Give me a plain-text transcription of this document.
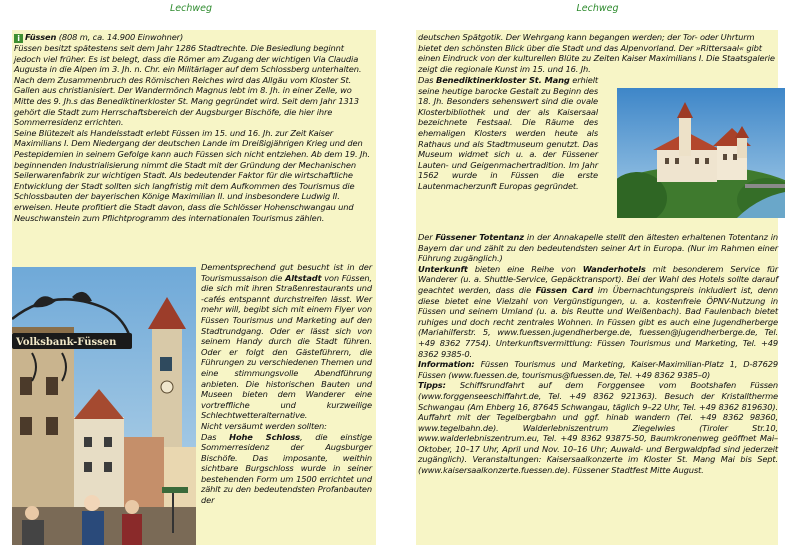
Lechweg

i Füssen (808 m, ca. 14.900 Einwohner)
Füssen besitzt spätestens seit dem Jahr 1286 Stadtrechte. Die Besiedlung beginnt jedoch viel früher. Es ist belegt, dass die Römer am Zugang der wichtigen Via Claudia Augusta in die Alpen im 3. Jh. n. Chr. ein Militärlager auf dem Schlossberg unterhalten. Nach dem Zusammenbruch des Römischen Reiches wird das Allgäu vom Kloster St. Gallen aus christianisiert. Der Wandermönch Magnus lebt im 8. Jh. in einer Zelle, wo Mitte des 9. Jh.s das Benediktinerkloster St. Mang gegründet wird. Seit dem Jahr 1313 gehört die Stadt zum Herrschaftsbereich der Augsburger Bischöfe, die hier ihre Sommerresidenz errichten.

Seine Blütezeit als Handelsstadt erlebt Füssen im 15. und 16. Jh. zur Zeit Kaiser Maximilians I. Dem Niedergang der deutschen Lande im Dreißigjährigen Krieg und den Pestepidemien in seinem Gefolge kann auch Füssen sich nicht entziehen. Ab dem 19. Jh. beginnenden Industrialisierung nimmt die Stadt mit der Gründung der Mechanischen Seilerwarenfabrik zur wichtigen Stadt. Als bedeutender Faktor für die wirtschaftliche Entwicklung der Stadt sollten sich langfristig mit dem Aufkommen des Tourismus die Schlossbauten der bayerischen Könige Maximilian II. und insbesondere Ludwig II. erweisen. Heute profitiert die Stadt davon, dass die Schlösser Hohenschwangau und Neuschwanstein zum Pflichtprogramm des internationalen Tourismus zählen.

Volksbank-Füssen

Dementsprechend gut besucht ist in der Tourismussaison die Altstadt von Füssen, die sich mit ihren Straßenrestaurants und -cafés entspannt durchstreifen lässt. Wer mehr will, begibt sich mit einem Flyer von Füssen Tourismus und Marketing auf den Stadtrundgang. Oder er lässt sich von seinem Handy durch die Stadt führen. Oder er folgt den Gästeführern, die Führungen zu verschiedenen Themen und eine stimmungsvolle Abendführung anbieten. Die historischen Bauten und Museen bieten dem Wanderer eine vortreffliche und kurzweilige Schlechtwetteralternative.

Nicht versäumt werden sollten:

Das Hohe Schloss, die einstige Sommerresidenz der Augsburger Bischöfe. Das imposante, weithin sichtbare Burgschloss wurde in seiner bestehenden Form um 1500 errichtet und zählt zu den bedeutendsten Profanbauten der

Lechweg

deutschen Spätgotik. Der Wehrgang kann begangen werden; der Tor- oder Uhrturm bietet den schönsten Blick über die Stadt und das Alpenvorland. Der »Rittersaal« gibt einen Eindruck von der kulturellen Blüte zu Zeiten Kaiser Maximilians I. Die Staatsgalerie zeigt die regionale Kunst im 15. und 16. Jh.

Das Benediktinerkloster St. Mang erhielt seine heutige barocke Gestalt zu Beginn des 18. Jh. Besonders sehenswert sind die ovale Klosterbibliothek und der als Kaisersaal bezeichnete Festsaal. Die Räume des ehemaligen Klosters werden heute als Rathaus und als Stadtmuseum genutzt. Das Museum widmet sich u. a. der Füssener Lauten- und Geigenmachertradition. Im Jahr 1562 wurde in Füssen die erste Lautenmacherzunft Europas gegründet.

Der Füssener Totentanz in der Annakapelle stellt den ältesten erhaltenen Totentanz in Bayern dar und zählt zu den bedeutendsten seiner Art in Europa. (Nur im Rahmen einer Führung zugänglich.)

Unterkunft bieten eine Reihe von Wanderhotels mit besonderem Service für Wanderer (u. a. Shuttle-Service, Gepäcktransport). Bei der Wahl des Hotels sollte darauf geachtet werden, dass die Füssen Card im Übernachtungspreis inkludiert ist, denn diese bietet eine Vielzahl von Vergünstigungen, u. a. kostenfreie ÖPNV-Nutzung in Füssen und seinem Umland (u. a. bis Reutte und Weißenbach). Bad Faulenbach bietet ruhiges und doch recht zentrales Wohnen. In Füssen gibt es auch eine Jugendherberge (Mariahilferstr. 5, www.fuessen.jugendherberge.de, fuessen@jugendherberge.de, Tel. +49 8362 7754). Unterkunftsvermittlung: Füssen Tourismus und Marketing, Tel. +49 8362 9385-0.

Information: Füssen Tourismus und Marketing, Kaiser-Maximilian-Platz 1, D-87629 Füssen (www.fuessen.de, tourismus@fuessen.de, Tel. +49 8362 9385–0)

Tipps: Schiffsrundfahrt auf dem Forggensee vom Bootshafen Füssen (www.forggenseeschiffahrt.de, Tel. +49 8362 921363). Besuch der Kristalltherme Schwangau (Am Ehberg 16, 87645 Schwangau, täglich 9–22 Uhr, Tel. +49 8362 819630). Auffahrt mit der Tegelbergbahn und ggf. hinab wandern (Tel. +49 8362 98360, www.tegelbahn.de). Walderlebniszentrum Ziegelwies (Tiroler Str.10, www.walderlebniszentrum.eu, Tel. +49 8362 93875-50, Baumkronenweg geöffnet Mai–Oktober, 10–17 Uhr, April und Nov. 10–16 Uhr; Auwald- und Bergwaldpfad sind jederzeit zugänglich). Veranstaltungen: Kaisersaalkonzerte im Kloster St. Mang Mai bis Sept. (www.kaisersaalkonzerte.fuessen.de). Füssener Stadtfest Mitte August.
